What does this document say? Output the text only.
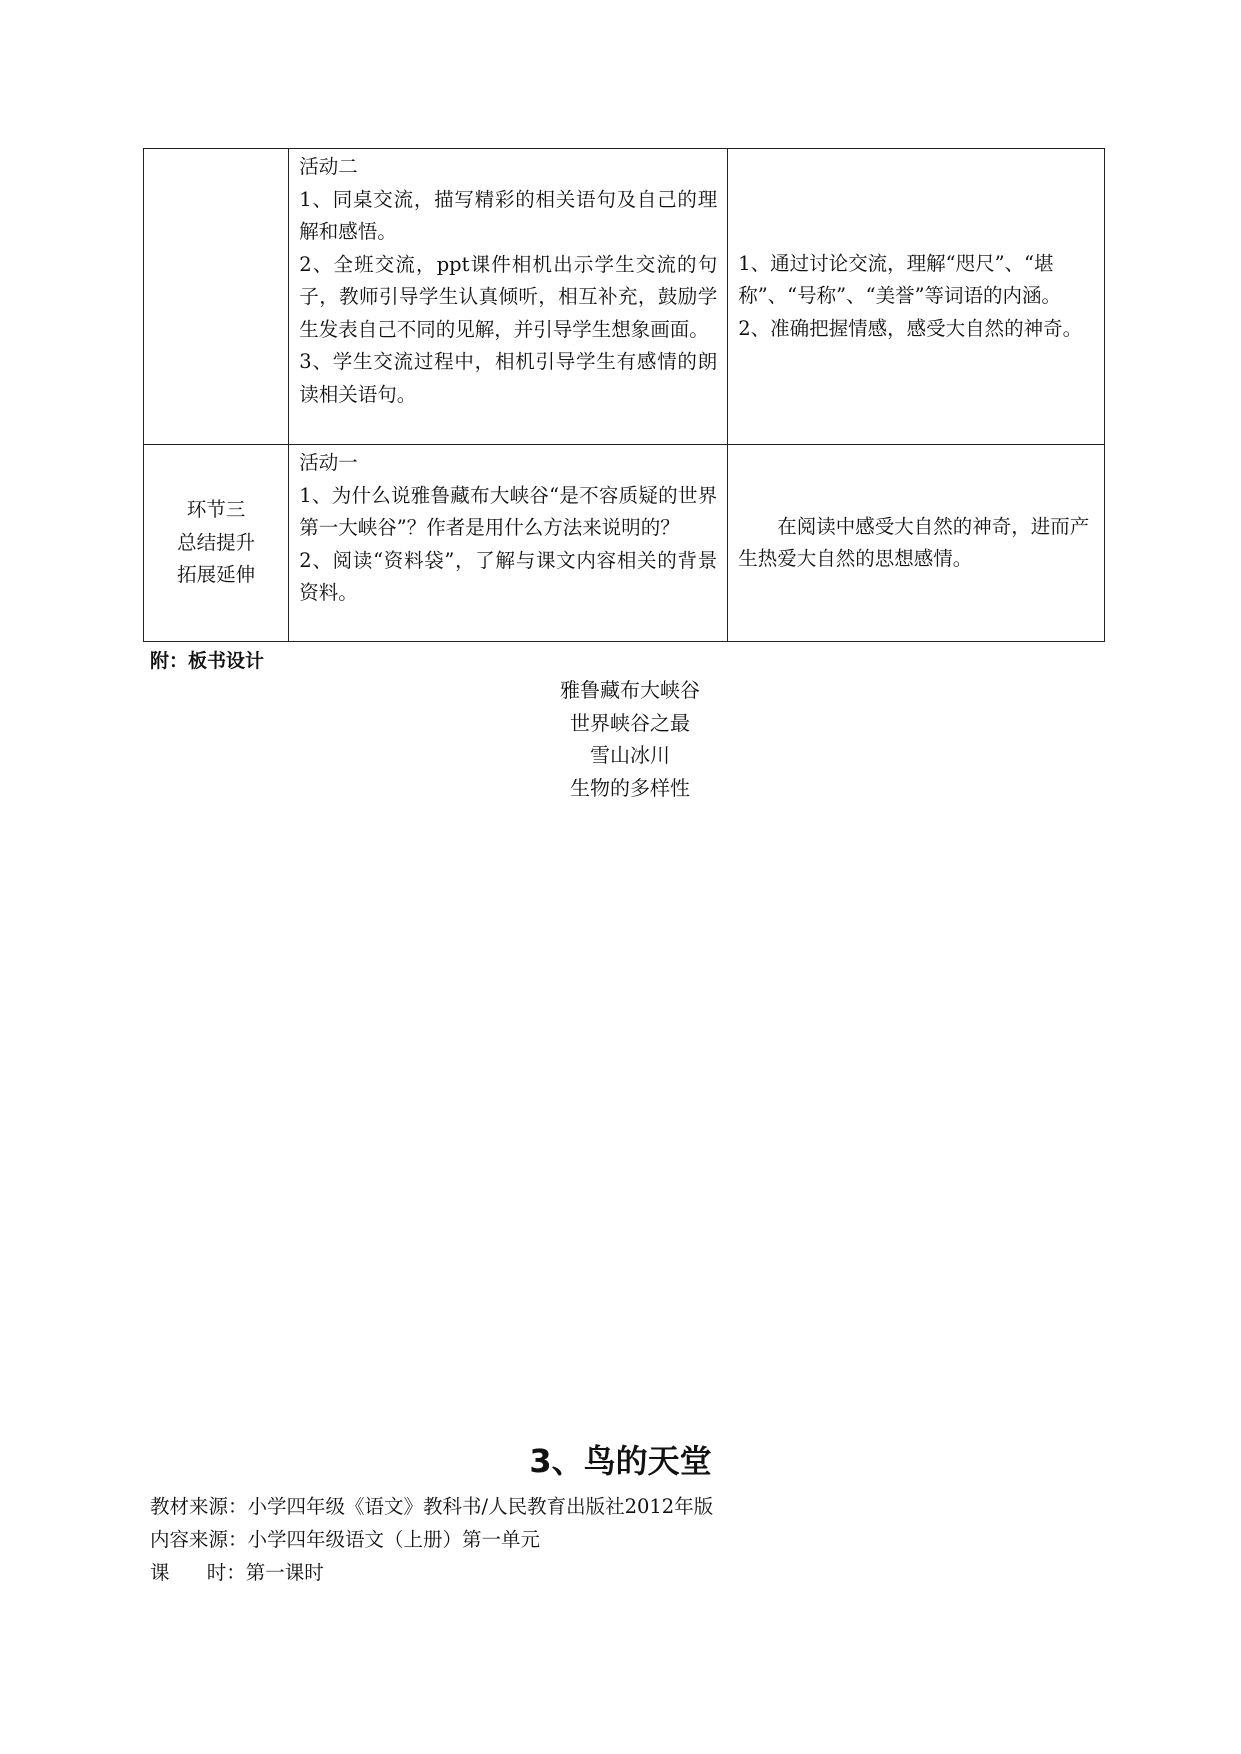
	活动二
1、同桌交流，描写精彩的相关语句及自己的理解和感悟。
2、全班交流，ppt课件相机出示学生交流的句子，教师引导学生认真倾听，相互补充，鼓励学生发表自己不同的见解，并引导学生想象画面。
3、学生交流过程中，相机引导学生有感情的朗读相关语句。	1、通过讨论交流，理解“咫尺”、“堪称”、“号称”、“美誉”等词语的内涵。
2、准确把握情感，感受大自然的神奇。

环节三
总结提升
拓展延伸	活动一
1、为什么说雅鲁藏布大峡谷“是不容质疑的世界第一大峡谷”？作者是用什么方法来说明的？
2、阅读“资料袋”，了解与课文内容相关的背景资料。	在阅读中感受大自然的神奇，进而产生热爱大自然的思想感情。
附：板书设计
雅鲁藏布大峡谷
世界峡谷之最
雪山冰川
生物的多样性
3、鸟的天堂
教材来源：小学四年级《语文》教科书/人民教育出版社2012年版
内容来源：小学四年级语文（上册）第一单元
课      时：第一课时
